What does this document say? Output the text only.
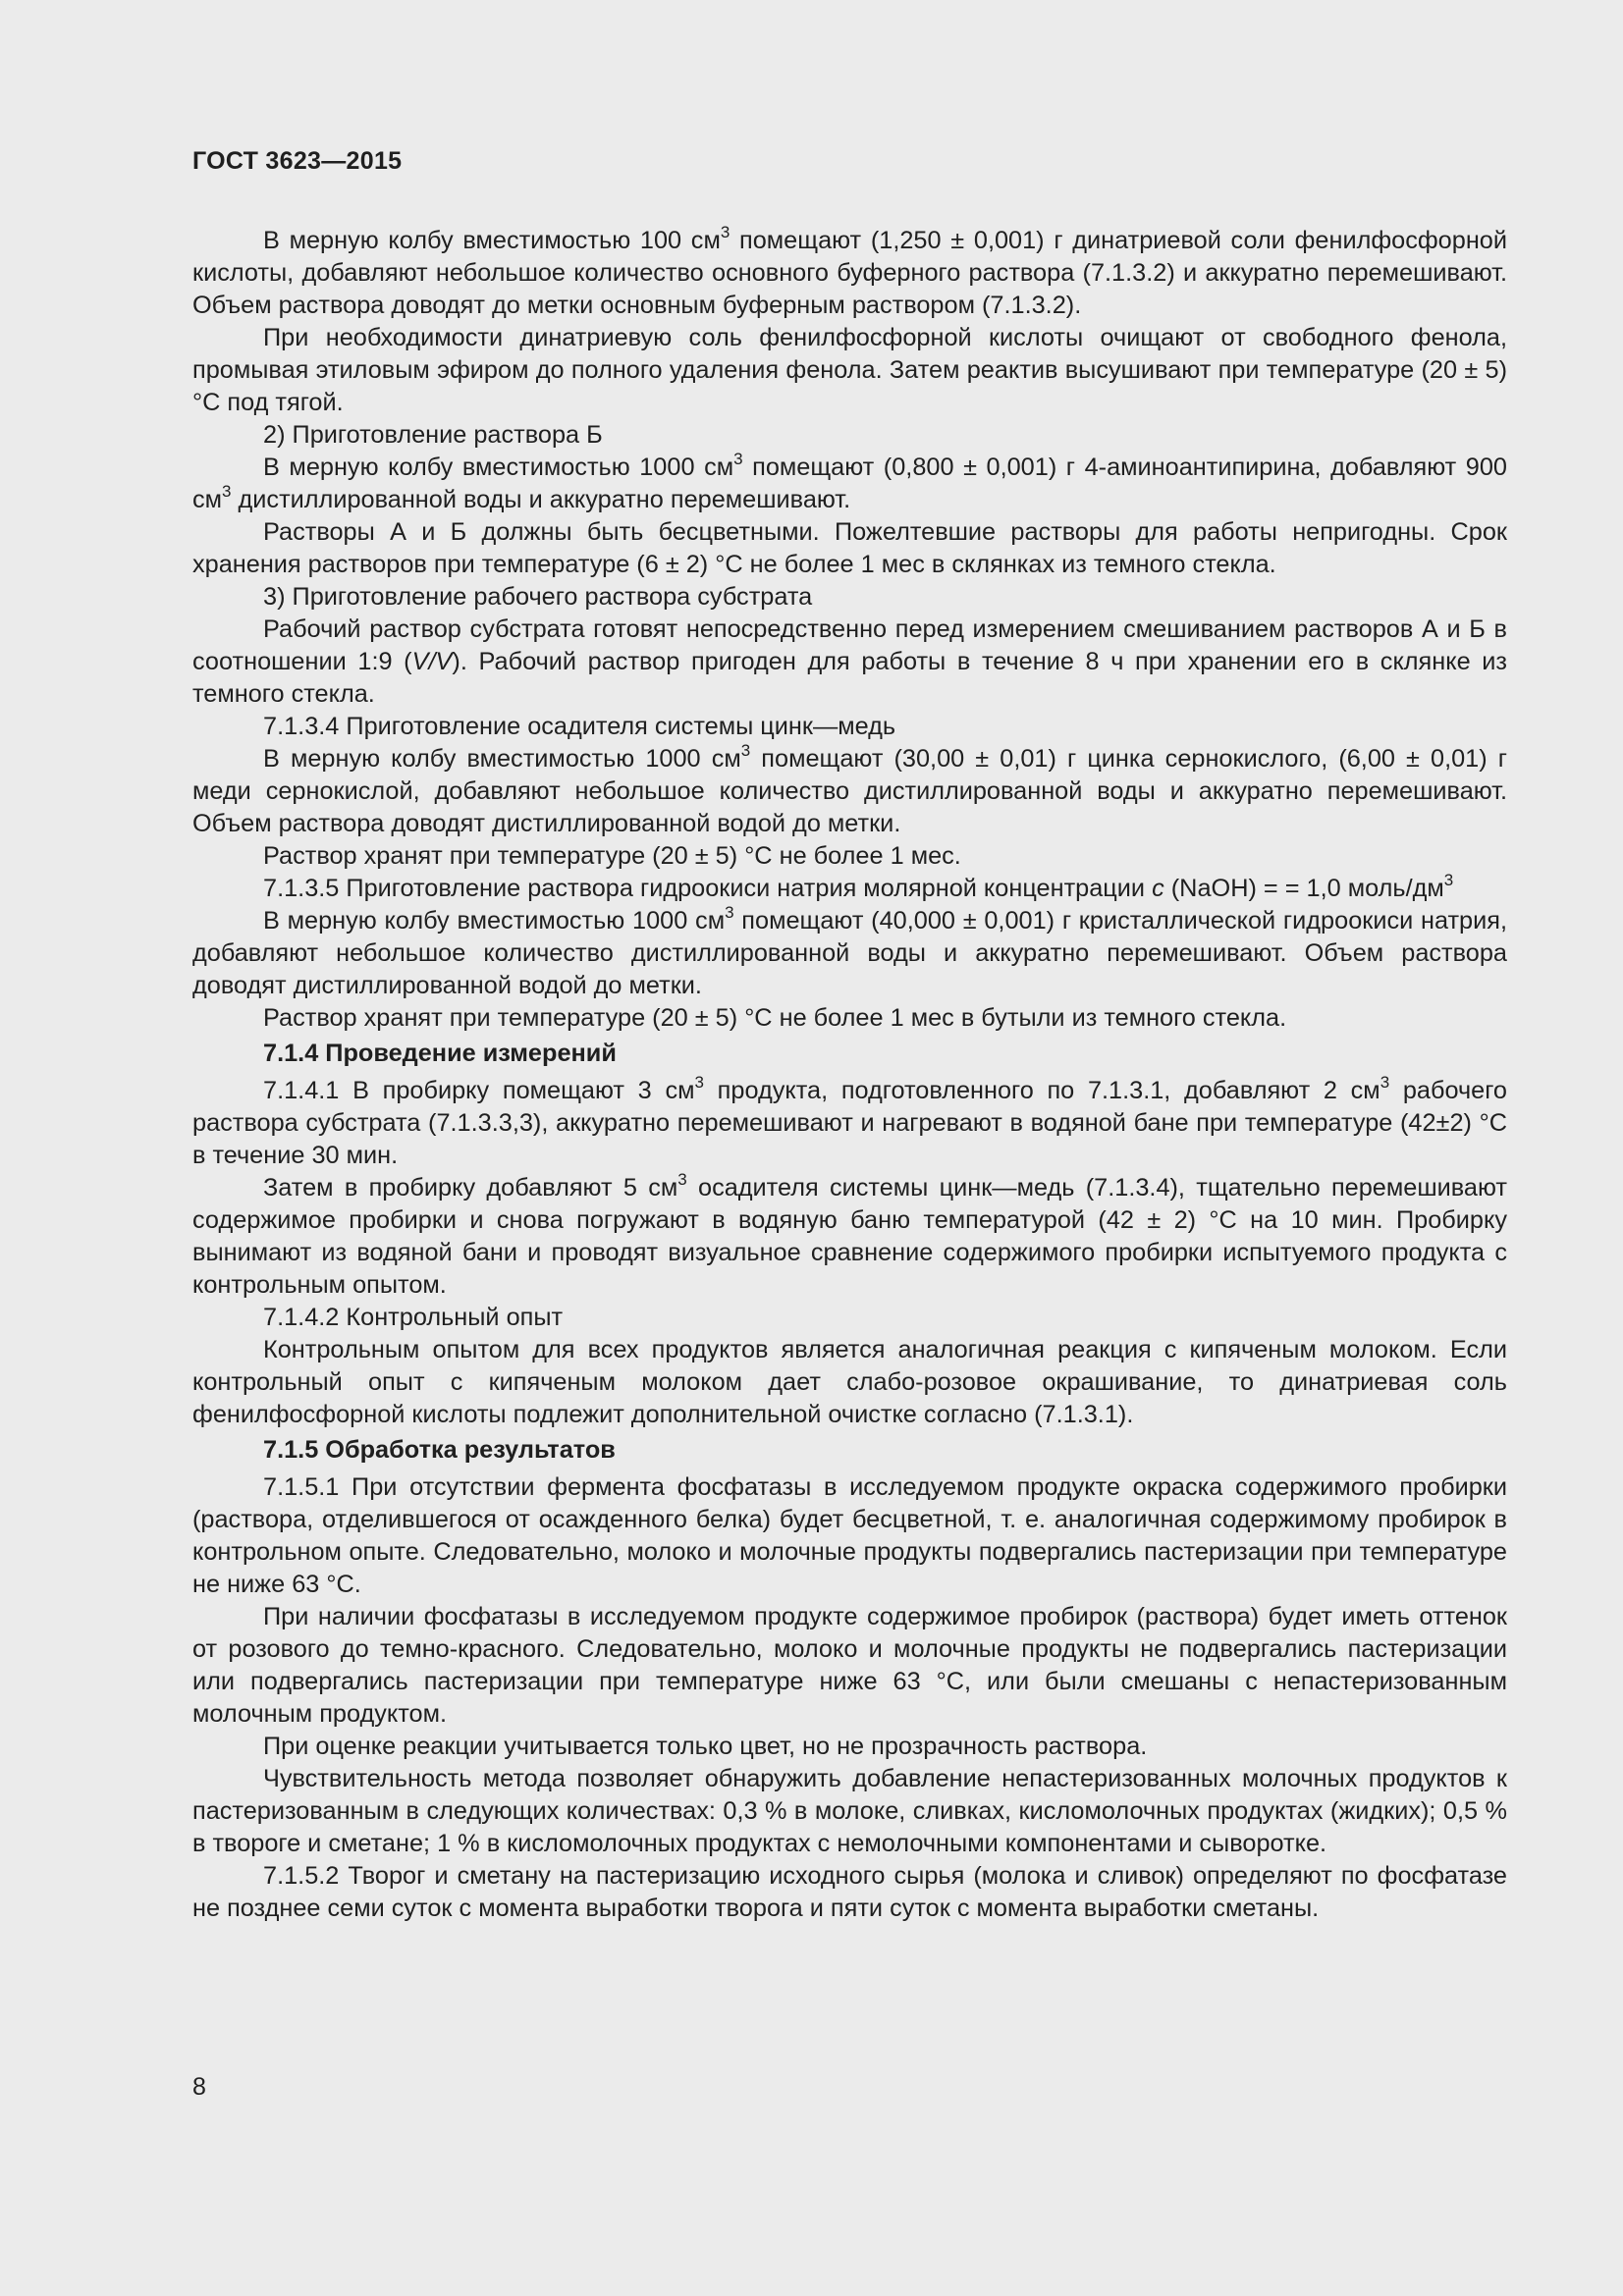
ГОСТ 3623—2015

В мерную колбу вместимостью 100 $см^3$ помещают (1,250 ± 0,001) г динатриевой соли фенилфосфорной кислоты, добавляют небольшое количество основного буферного раствора (7.1.3.2) и аккуратно перемешивают. Объем раствора доводят до метки основным буферным раствором (7.1.3.2).

При необходимости динатриевую соль фенилфосфорной кислоты очищают от свободного фенола, промывая этиловым эфиром до полного удаления фенола. Затем реактив высушивают при температуре (20 ± 5) °С под тягой.

2) Приготовление раствора Б

В мерную колбу вместимостью 1000 $см^3$ помещают (0,800 ± 0,001) г 4-аминоантипирина, добавляют 900 $см^3$ дистиллированной воды и аккуратно перемешивают.

Растворы А и Б должны быть бесцветными. Пожелтевшие растворы для работы непригодны. Срок хранения растворов при температуре (6 ± 2) °С не более 1 мес в склянках из темного стекла.

3) Приготовление рабочего раствора субстрата

Рабочий раствор субстрата готовят непосредственно перед измерением смешиванием растворов А и Б в соотношении 1:9 (V/V). Рабочий раствор пригоден для работы в течение 8 ч при хранении его в склянке из темного стекла.

7.1.3.4 Приготовление осадителя системы цинк—медь

В мерную колбу вместимостью 1000 $см^3$ помещают (30,00 ± 0,01) г цинка сернокислого, (6,00 ± 0,01) г меди сернокислой, добавляют небольшое количество дистиллированной воды и аккуратно перемешивают. Объем раствора доводят дистиллированной водой до метки.

Раствор хранят при температуре (20 ± 5) °С не более 1 мес.

7.1.3.5 Приготовление раствора гидроокиси натрия молярной концентрации c (NaOH) = = 1,0 моль/$дм^3$

В мерную колбу вместимостью 1000 $см^3$ помещают (40,000 ± 0,001) г кристаллической гидроокиси натрия, добавляют небольшое количество дистиллированной воды и аккуратно перемешивают. Объем раствора доводят дистиллированной водой до метки.

Раствор хранят при температуре (20 ± 5) °С не более 1 мес в бутыли из темного стекла.

7.1.4 Проведение измерений

7.1.4.1 В пробирку помещают 3 $см^3$ продукта, подготовленного по 7.1.3.1, добавляют 2 $см^3$ рабочего раствора субстрата (7.1.3.3,3), аккуратно перемешивают и нагревают в водяной бане при температуре (42±2) °С в течение 30 мин.

Затем в пробирку добавляют 5 $см^3$ осадителя системы цинк—медь (7.1.3.4), тщательно перемешивают содержимое пробирки и снова погружают в водяную баню температурой (42 ± 2) °С на 10 мин. Пробирку вынимают из водяной бани и проводят визуальное сравнение содержимого пробирки испытуемого продукта с контрольным опытом.

7.1.4.2 Контрольный опыт

Контрольным опытом для всех продуктов является аналогичная реакция с кипяченым молоком. Если контрольный опыт с кипяченым молоком дает слабо-розовое окрашивание, то динатриевая соль фенилфосфорной кислоты подлежит дополнительной очистке согласно (7.1.3.1).

7.1.5 Обработка результатов

7.1.5.1 При отсутствии фермента фосфатазы в исследуемом продукте окраска содержимого пробирки (раствора, отделившегося от осажденного белка) будет бесцветной, т. е. аналогичная содержимому пробирок в контрольном опыте. Следовательно, молоко и молочные продукты подвергались пастеризации при температуре не ниже 63 °С.

При наличии фосфатазы в исследуемом продукте содержимое пробирок (раствора) будет иметь оттенок от розового до темно-красного. Следовательно, молоко и молочные продукты не подвергались пастеризации или подвергались пастеризации при температуре ниже 63 °С, или были смешаны с непастеризованным молочным продуктом.

При оценке реакции учитывается только цвет, но не прозрачность раствора.

Чувствительность метода позволяет обнаружить добавление непастеризованных молочных продуктов к пастеризованным в следующих количествах: 0,3 % в молоке, сливках, кисломолочных продуктах (жидких); 0,5 % в твороге и сметане; 1 % в кисломолочных продуктах с немолочными компонентами и сыворотке.

7.1.5.2 Творог и сметану на пастеризацию исходного сырья (молока и сливок) определяют по фосфатазе не позднее семи суток с момента выработки творога и пяти суток с момента выработки сметаны.

8
